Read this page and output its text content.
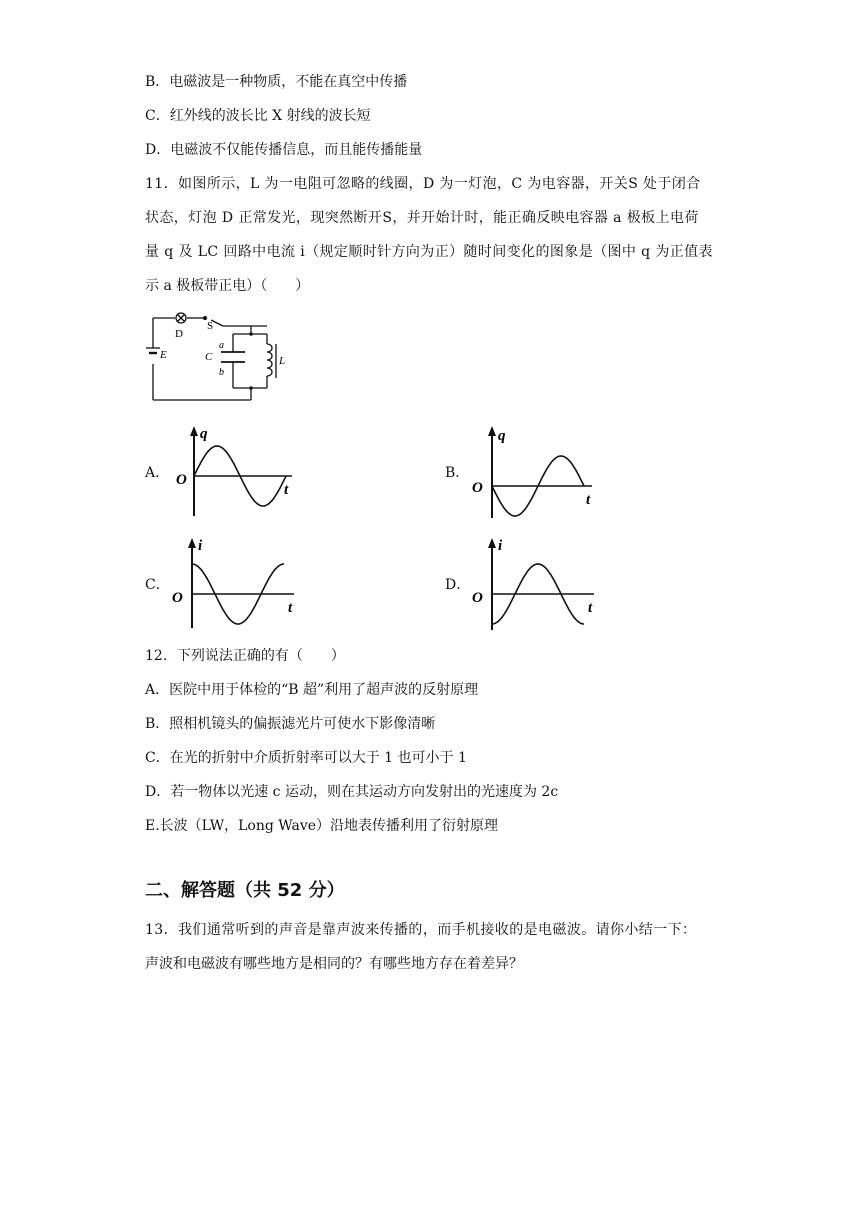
B．电磁波是一种物质，不能在真空中传播
C．红外线的波长比 X 射线的波长短
D．电磁波不仅能传播信息，而且能传播能量
11．如图所示，L 为一电阻可忽略的线圈，D 为一灯泡，C 为电容器，开关S 处于闭合
状态，灯泡 D 正常发光，现突然断开S，并开始计时，能正确反映电容器 a 极板上电荷
量 q 及 LC 回路中电流 i（规定顺时针方向为正）随时间变化的图象是（图中 q 为正值表
示 a 极板带正电）（　　）
D
S
E	C
a
b
L
A．	B．
C．	D．
q
t
O
q
t
O
i
t
O
i
t
O
12．下列说法正确的有（　　）
A．医院中用于体检的“B 超”利用了超声波的反射原理
B．照相机镜头的偏振滤光片可使水下影像清晰
C．在光的折射中介质折射率可以大于 1 也可小于 1
D．若一物体以光速 c 运动，则在其运动方向发射出的光速度为 2c
E.长波（LW，Long Wave）沿地表传播利用了衍射原理
二、解答题（共 52 分）
13．我们通常听到的声音是靠声波来传播的，而手机接收的是电磁波。请你小结一下：
声波和电磁波有哪些地方是相同的？有哪些地方存在着差异？
